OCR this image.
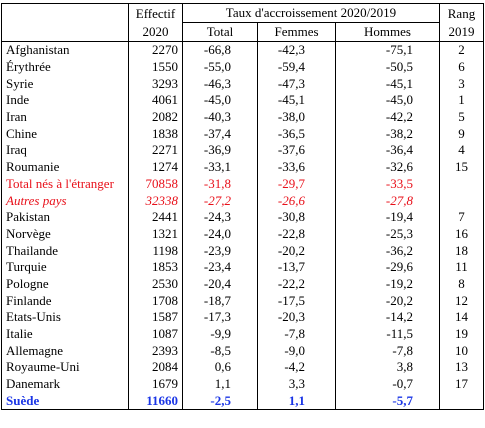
	Effectif	Taux d'accroissement 2020/2019			Rang
	2020	Total	Femmes	Hommes	2019
Afghanistan	2270	-66,8	-42,3	-75,1	2
Érythrée	1550	-55,0	-59,4	-50,5	6
Syrie	3293	-46,3	-47,3	-45,1	3
Inde	4061	-45,0	-45,1	-45,0	1
Iran	2082	-40,3	-38,0	-42,2	5
Chine	1838	-37,4	-36,5	-38,2	9
Iraq	2271	-36,9	-37,6	-36,4	4
Roumanie	1274	-33,1	-33,6	-32,6	15
Total nés à l'étranger	70858	-31,8	-29,7	-33,5	
Autres pays	32338	-27,2	-26,6	-27,8	
Pakistan	2441	-24,3	-30,8	-19,4	7
Norvège	1321	-24,0	-22,8	-25,3	16
Thailande	1198	-23,9	-20,2	-36,2	18
Turquie	1853	-23,4	-13,7	-29,6	11
Pologne	2530	-20,4	-22,2	-19,2	8
Finlande	1708	-18,7	-17,5	-20,2	12
Etats-Unis	1587	-17,3	-20,3	-14,2	14
Italie	1087	-9,9	-7,8	-11,5	19
Allemagne	2393	-8,5	-9,0	-7,8	10
Royaume-Uni	2084	0,6	-4,2	3,8	13
Danemark	1679	1,1	3,3	-0,7	17
Suède	11660	-2,5	1,1	-5,7	
